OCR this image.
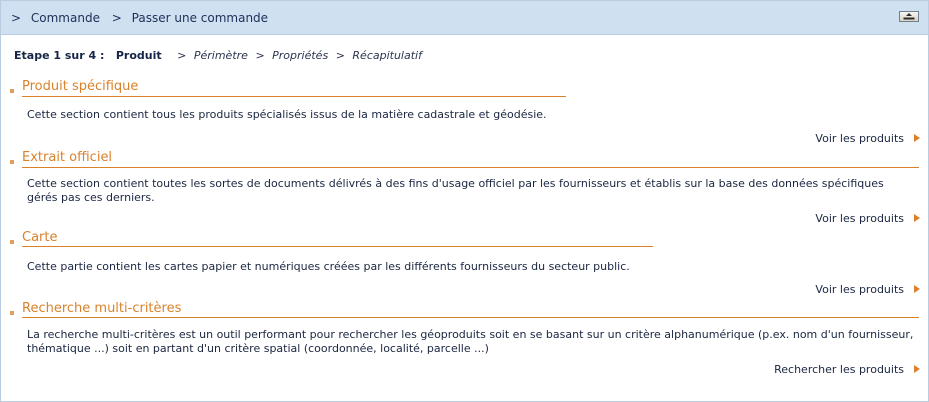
> Commande > Passer une commande
Etape 1 sur 4 : Produit > Périmètre > Propriétés > Récapitulatif
Produit spécifique
Cette section contient tous les produits spécialisés issus de la matière cadastrale et géodésie.
Voir les produits
Extrait officiel
Cette section contient toutes les sortes de documents délivrés à des fins d'usage officiel par les fournisseurs et établis sur la base des données spécifiques gérés pas ces derniers.
Voir les produits
Carte
Cette partie contient les cartes papier et numériques créées par les différents fournisseurs du secteur public.
Voir les produits
Recherche multi-critères
La recherche multi-critères est un outil performant pour rechercher les géoproduits soit en se basant sur un critère alphanumérique (p.ex. nom d'un fournisseur, thématique ...) soit en partant d'un critère spatial (coordonnée, localité, parcelle ...)
Rechercher les produits
